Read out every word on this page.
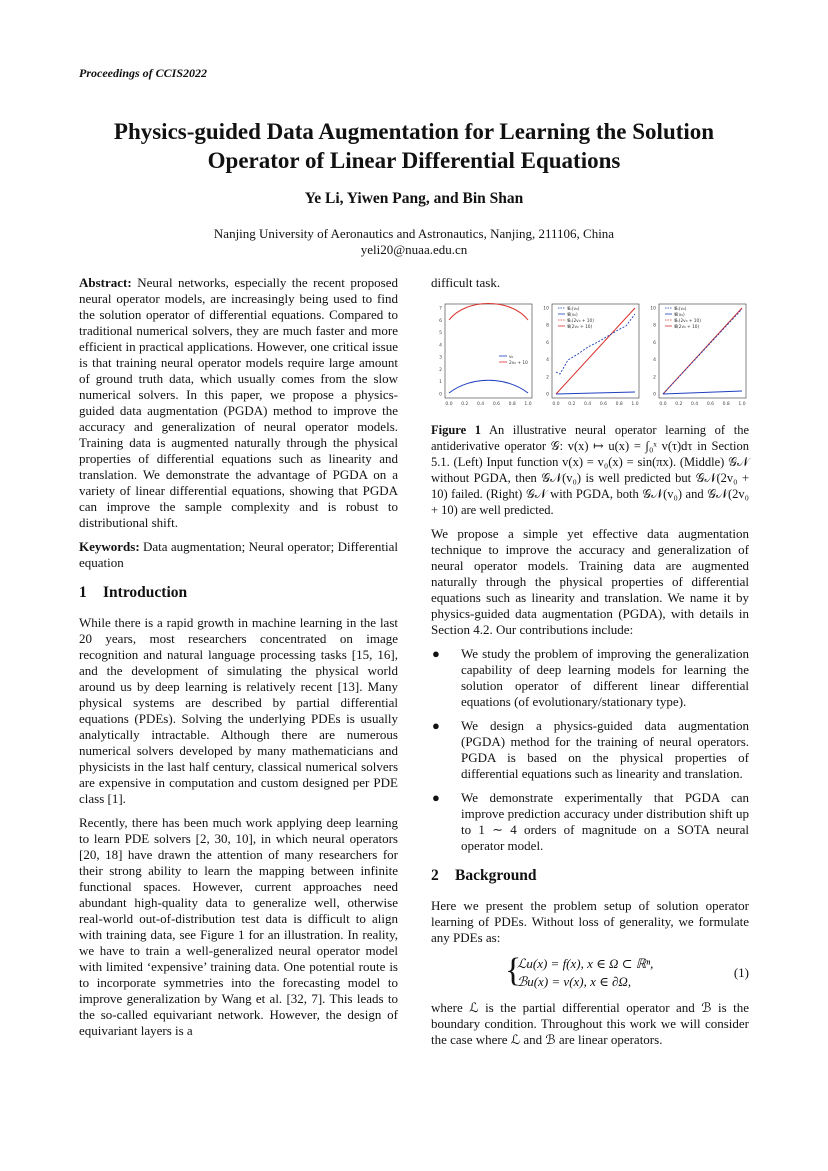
Proceedings of CCIS2022
Physics-guided Data Augmentation for Learning the Solution
Operator of Linear Differential Equations
Ye Li, Yiwen Pang, and Bin Shan
Nanjing University of Aeronautics and Astronautics, Nanjing, 211106, China
yeli20@nuaa.edu.cn

Abstract: Neural networks, especially the recent proposed neural operator models, are increasingly being used to find the solution operator of differential equations. Compared to traditional numerical solvers, they are much faster and more efficient in practical applications. However, one critical issue is that training neural operator models require large amount of ground truth data, which usually comes from the slow numerical solvers. In this paper, we propose a physics-guided data augmentation (PGDA) method to improve the accuracy and generalization of neural operator models. Training data is augmented naturally through the physical properties of differential equations such as linearity and translation. We demonstrate the advantage of PGDA on a variety of linear differential equations, showing that PGDA can improve the sample complexity and is robust to distributional shift.

Keywords: Data augmentation; Neural operator; Differential equation

1 Introduction

While there is a rapid growth in machine learning in the last 20 years, most researchers concentrated on image recognition and natural language processing tasks [15, 16], and the development of simulating the physical world around us by deep learning is relatively recent [13]. Many physical systems are described by partial differential equations (PDEs). Solving the underlying PDEs is usually analytically intractable. Although there are numerous numerical solvers developed by many mathematicians and physicists in the last half century, classical numerical solvers are expensive in computation and custom designed per PDE class [1].

Recently, there has been much work applying deep learning to learn PDE solvers [2, 30, 10], in which neural operators [20, 18] have drawn the attention of many researchers for their strong ability to learn the mapping between infinite functional spaces. However, current approaches need abundant high-quality data to generalize well, otherwise real-world out-of-distribution test data is difficult to align with training data, see Figure 1 for an illustration. In reality, we have to train a well-generalized neural operator model with limited ‘expensive’ training data. One potential route is to incorporate symmetries into the forecasting model to improve generalization by Wang et al. [32, 7]. This leads to the so-called equivariant network. However, the design of equivariant layers is a

difficult task.
v₀
2v₀ + 10
0
1
2
3
4
5
6
7
0.0 0.2 0.4 0.6 0.8 1.0
𝒢ₙ(v₀)
𝒢(v₀)
𝒢ₙ(2v₀ + 10)
𝒢(2v₀ + 10)
0
2
4
6
8
10
0.0 0.2 0.4 0.6 0.8 1.0
𝒢ₙ(v₀)
𝒢(v₀)
𝒢ₙ(2v₀ + 10)
𝒢(2v₀ + 10)
0
2
4
6
8
10
0.0 0.2 0.4 0.6 0.8 1.0
Figure 1 An illustrative neural operator learning of the antiderivative operator 𝒢: v(x) ↦ u(x) = ∫₀ˣ v(τ)dτ in Section 5.1. (Left) Input function v(x) = v₀(x) = sin(πx). (Middle) 𝒢𝒩 without PGDA, then 𝒢𝒩(v₀) is well predicted but 𝒢𝒩(2v₀ + 10) failed. (Right) 𝒢𝒩 with PGDA, both 𝒢𝒩(v₀) and 𝒢𝒩(2v₀ + 10) are well predicted.

We propose a simple yet effective data augmentation technique to improve the accuracy and generalization of neural operator models. Training data are augmented naturally through the physical properties of differential equations such as linearity and translation. We name it by physics-guided data augmentation (PGDA), with details in Section 4.2. Our contributions include:

● We study the problem of improving the generalization capability of deep learning models for learning the solution operator of different linear differential equations (of evolutionary/stationary type).
● We design a physics-guided data augmentation (PGDA) method for the training of neural operators. PGDA is based on the physical properties of differential equations such as linearity and translation.
● We demonstrate experimentally that PGDA can improve prediction accuracy under distribution shift up to 1 ∼ 4 orders of magnitude on a SOTA neural operator model.
2 Background

Here we present the problem setup of solution operator learning of PDEs. Without loss of generality, we formulate any PDEs as:

{
ℒu(x) = f(x), x ∈ Ω ⊂ ℝⁿ,
ℬu(x) = v(x), x ∈ ∂Ω,
(1)

where ℒ is the partial differential operator and ℬ is the boundary condition. Throughout this work we will consider the case where ℒ and ℬ are linear operators.
